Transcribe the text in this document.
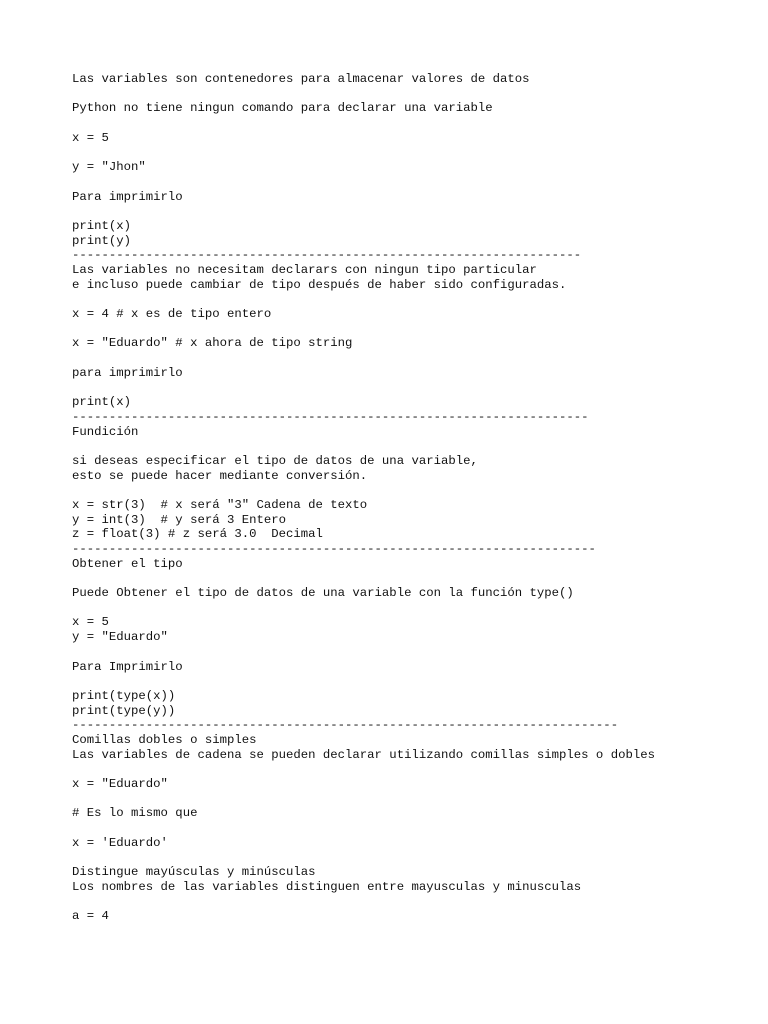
Las variables son contenedores para almacenar valores de datos
Python no tiene ningun comando para declarar una variable
x = 5
y = "Jhon"
Para imprimirlo
print(x)
print(y)
---------------------------------------------------------------------
Las variables no necesitam declarars con ningun tipo particular
e incluso puede cambiar de tipo después de haber sido configuradas.
x = 4 # x es de tipo entero
x = "Eduardo" # x ahora de tipo string
para imprimirlo
print(x)
----------------------------------------------------------------------
Fundición
si deseas especificar el tipo de datos de una variable,
esto se puede hacer mediante conversión.
x = str(3)  # x será "3" Cadena de texto
y = int(3)  # y será 3 Entero
z = float(3) # z será 3.0  Decimal
-----------------------------------------------------------------------
Obtener el tipo
Puede Obtener el tipo de datos de una variable con la función type()
x = 5
y = "Eduardo"
Para Imprimirlo
print(type(x))
print(type(y))
--------------------------------------------------------------------------
Comillas dobles o simples
Las variables de cadena se pueden declarar utilizando comillas simples o dobles
x = "Eduardo"
# Es lo mismo que
x = 'Eduardo'
Distingue mayúsculas y minúsculas
Los nombres de las variables distinguen entre mayusculas y minusculas
a = 4
